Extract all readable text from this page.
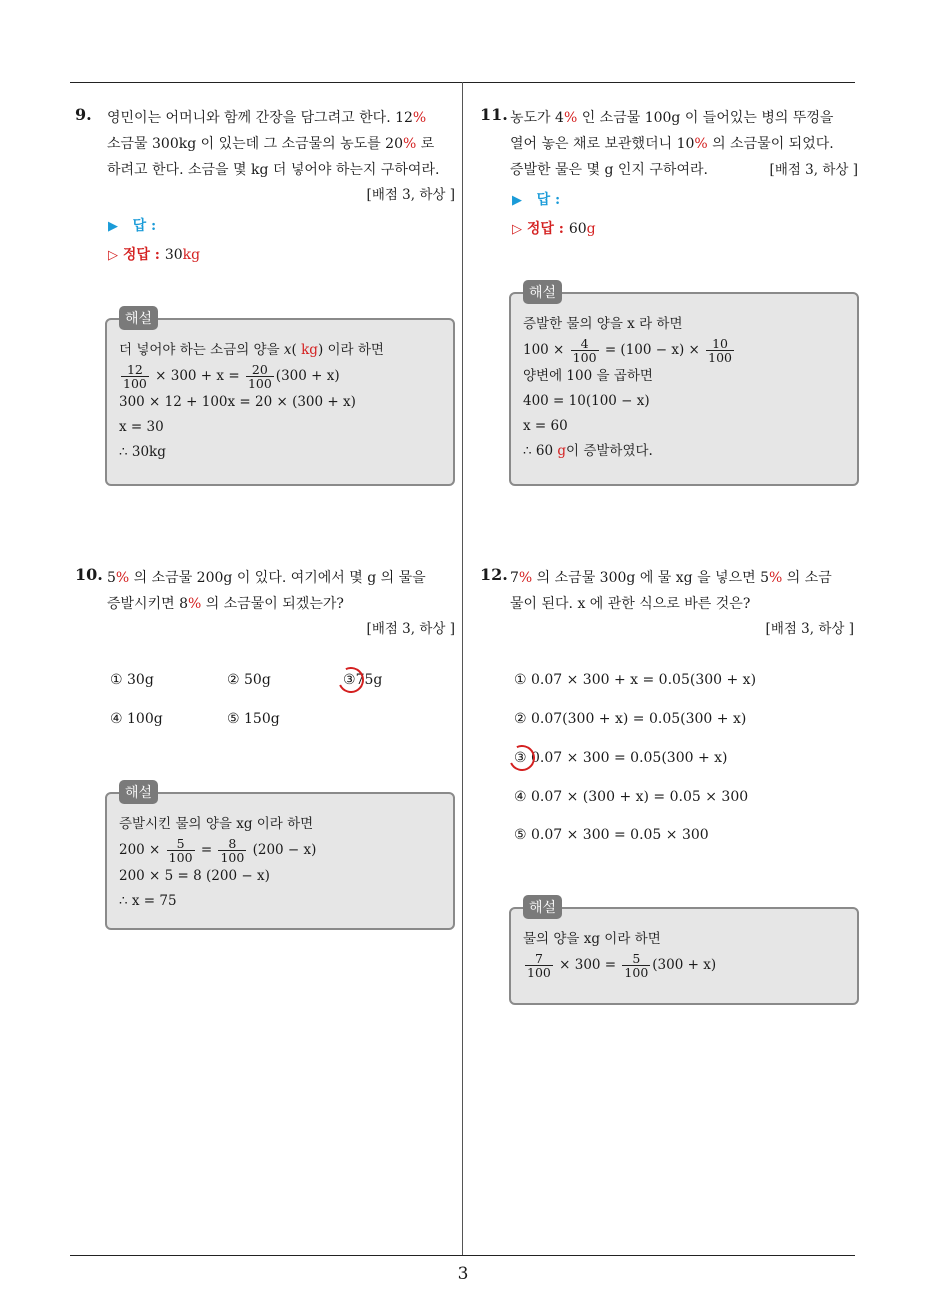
3
9.	영민이는 어머니와 함께 간장을 담그려고 한다. 12%
소금물 300kg 이 있는데 그 소금물의 농도를 20% 로
하려고 한다. 소금을 몇 kg 더 넣어야 하는지 구하여라.
[배점 3, 하상 ]
▶ 답 :
▷ 정답 : 30kg
해설
더 넣어야 하는 소금의 양을 x( kg) 이라 하면
$\frac{12}{100} \times 300 + x = \frac{20}{100} (300 + x)$
300 × 12 + 100x = 20 × (300 + x)
x = 30
∴ 30kg
10. 5% 의 소금물 200g 이 있다. 여기에서 몇 g 의 물을
증발시키면 8% 의 소금물이 되겠는가?
[배점 3, 하상 ]
① 30g	② 50g	③75g
④ 100g	⑤ 150g
해설
증발시킨 물의 양을 xg 이라 하면
$200 \times \frac{5}{100} = \frac{8}{100} (200 - x)$
200 × 5 = 8 (200 − x)
∴ x = 75
11. 농도가 4% 인 소금물 100g 이 들어있는 병의 뚜껑을
열어 놓은 채로 보관했더니 10% 의 소금물이 되었다.
증발한 물은 몇 g 인지 구하여라.	[배점 3, 하상 ]
▶ 답 :
▷ 정답 : 60g
해설
증발한 물의 양을 x 라 하면
$100 \times \frac{4}{100} = (100 - x) \times \frac{10}{100}$
양변에 100 을 곱하면
400 = 10(100 − x)
x = 60
∴ 60 g이 증발하였다.
12. 7% 의 소금물 300g 에 물 xg 을 넣으면 5% 의 소금
물이 된다. x 에 관한 식으로 바른 것은?
[배점 3, 하상 ]
① 0.07 × 300 + x = 0.05(300 + x)
② 0.07(300 + x) = 0.05(300 + x)
③ 0.07 × 300 = 0.05(300 + x)
④ 0.07 × (300 + x) = 0.05 × 300
⑤ 0.07 × 300 = 0.05 × 300
해설
물의 양을 xg 이라 하면
$\frac{7}{100} \times 300 = \frac{5}{100} (300 + x)$
